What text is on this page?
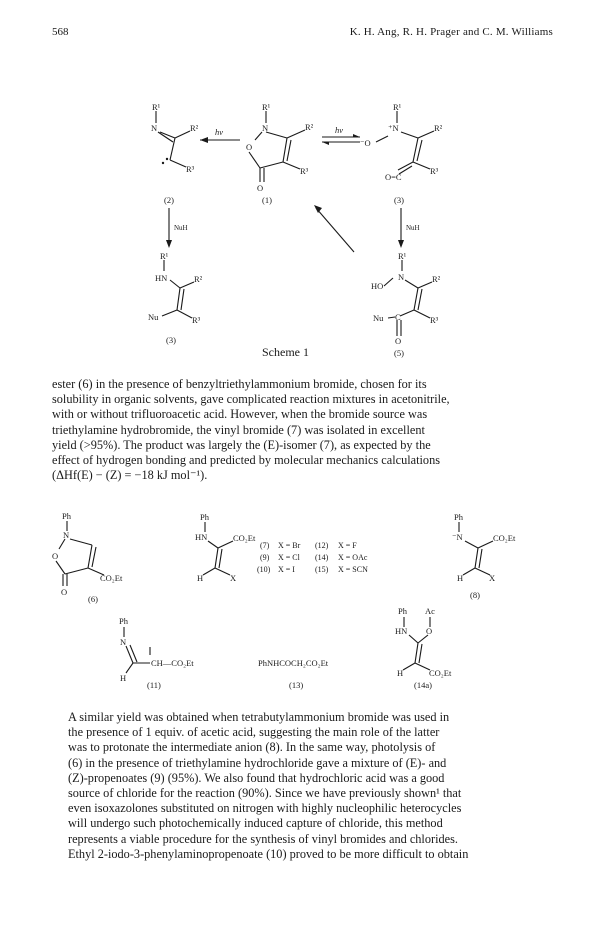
568	K. H. Ang, R. H. Prager and C. M. Williams
R¹
N
O
O
R²
R³
(1)
R¹
N	R²
R³
(2)
R¹
⁺N
⁻O
R²
R³
O=C
(3)
hv	hv
NuH	NuH
R¹
HN	R²
Nu	R³
(3)
R¹
N
HO
R²
R³
Nu C
O
(5)
Scheme 1

ester (6) in the presence of benzyltriethylammonium bromide, chosen for its
solubility in organic solvents, gave complicated reaction mixtures in acetonitrile,
with or without trifluoroacetic acid. However, when the bromide source was
triethylamine hydrobromide, the vinyl bromide (7) was isolated in excellent
yield (>95%). The product was largely the (E)-isomer (7), as expected by the
effect of hydrogen bonding and predicted by molecular mechanics calculations
(ΔHf(E) − (Z) = −18 kJ mol⁻¹).

Ph
N
O
O
CO₂Et
(6)
Ph
HN	CO₂Et
H	X
(7) X = Br (12) X = F
(9) X = Cl (14) X = OAc
(10) X = I	(15) X = SCN
Ph
⁻N	CO₂Et
H	X
(8)
Ph
N
CH—CO₂Et
H
(11)
PhNHCOCH₂CO₂Et
(13)
Ph Ac
HN O
H	CO₂Et
(14a)

A similar yield was obtained when tetrabutylammonium bromide was used in
the presence of 1 equiv. of acetic acid, suggesting the main role of the latter
was to protonate the intermediate anion (8). In the same way, photolysis of
(6) in the presence of triethylamine hydrochloride gave a mixture of (E)- and
(Z)-propenoates (9) (95%). We also found that hydrochloric acid was a good
source of chloride for the reaction (90%). Since we have previously shown¹ that
even isoxazolones substituted on nitrogen with highly nucleophilic heterocycles
will undergo such photochemically induced capture of chloride, this method
represents a viable procedure for the synthesis of vinyl bromides and chlorides.
Ethyl 2-iodo-3-phenylaminopropenoate (10) proved to be more difficult to obtain
